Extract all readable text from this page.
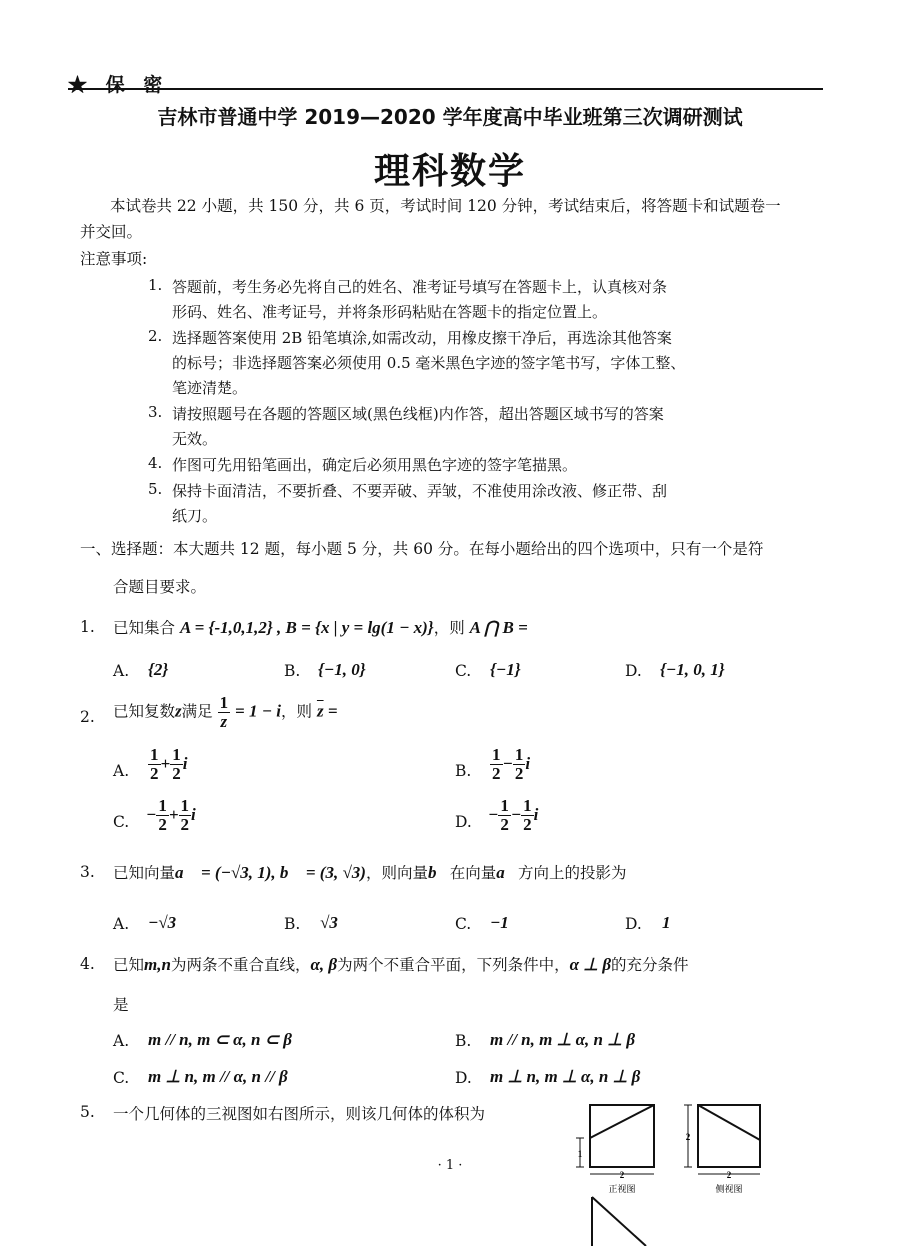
★ 保 密
吉林市普通中学 2019—2020 学年度高中毕业班第三次调研测试
理科数学
本试卷共 22 小题，共 150 分，共 6 页，考试时间 120 分钟，考试结束后，将答题卡和试题卷一
并交回。
注意事项:
1. 答题前，考生务必先将自己的姓名、准考证号填写在答题卡上，认真核对条
形码、姓名、准考证号，并将条形码粘贴在答题卡的指定位置上。
2. 选择题答案使用 2B 铅笔填涂,如需改动，用橡皮擦干净后，再选涂其他答案
的标号；非选择题答案必须使用 0.5 毫米黑色字迹的签字笔书写，字体工整、
笔迹清楚。
3. 请按照题号在各题的答题区域(黑色线框)内作答，超出答题区域书写的答案
无效。
4. 作图可先用铅笔画出，确定后必须用黑色字迹的签字笔描黑。
5. 保持卡面清洁，不要折叠、不要弄破、弄皱，不准使用涂改液、修正带、刮
纸刀。
一、选择题：本大题共 12 题，每小题 5 分，共 60 分。在每小题给出的四个选项中，只有一个是符
合题目要求。
1. 已知集合 A = {-1,0,1,2} , B = {x | y = lg(1 − x)}，则 A ⋂ B =
A. {2}	B. {−1, 0}	C. {−1}	D. {−1, 0, 1}
2. 已知复数z满足 $\frac{1}{z} = 1 - i$，则 $\overline{z}$ =
A. $\frac{1}{2} + \frac{1}{2}$ i	B. $\frac{1}{2} - \frac{1}{2}$ i
C. − $\frac{1}{2} + \frac{1}{2}$ i	D. − $\frac{1}{2} - \frac{1}{2}$ i
3. 已知向量a⃗ = (−√3, 1), b⃗ = (3, √3)，则向量b⃗在向量a⃗方向上的投影为
A. −√3	B. √3	C. −1	D. 1
4. 已知m,n为两条不重合直线，α, β为两个不重合平面，下列条件中，α ⊥ β的充分条件
是
A. m // n, m ⊂ α, n ⊂ β	B. m // n, m ⊥ α, n ⊥ β
C. m ⊥ n, m // α, n // β	D. m ⊥ n, m ⊥ α, n ⊥ β
5. 一个几何体的三视图如右图所示，则该几何体的体积为
1
2
正视图
2
2
侧视图
· 1 ·
